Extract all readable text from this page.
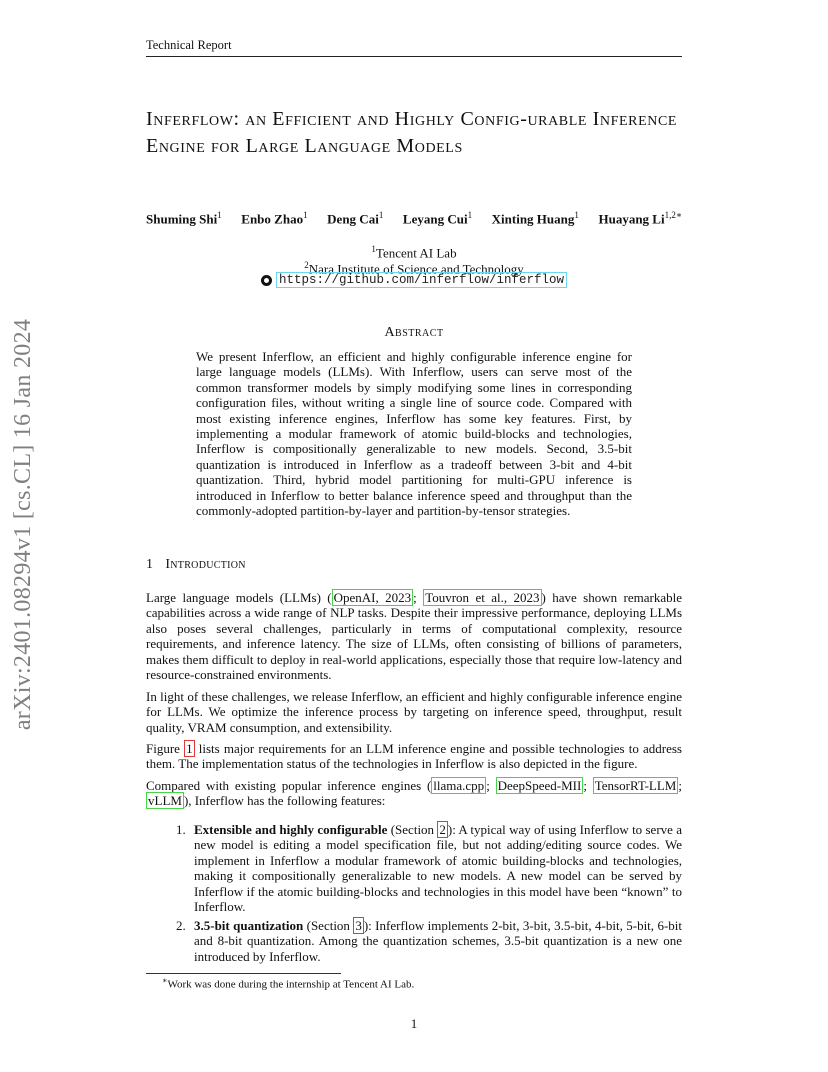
Technical Report
arXiv:2401.08294v1 [cs.CL] 16 Jan 2024
Inferflow: an Efficient and Highly Config-urable Inference Engine for Large Language Models
Shuming Shi$^1$ Enbo Zhao$^1$ Deng Cai$^1$ Leyang Cui$^1$ Xinting Huang$^1$ Huayang $Li^{1,2∗}$
$^1$Tencent AI Lab
$^2$Nara Institute of Science and Technology
https://github.com/inferflow/inferflow
Abstract
We present Inferflow, an efficient and highly configurable inference engine for large language models (LLMs). With Inferflow, users can serve most of the common transformer models by simply modifying some lines in corresponding configuration files, without writing a single line of source code. Compared with most existing inference engines, Inferflow has some key features. First, by implementing a modular framework of atomic build-blocks and technologies, Inferflow is compositionally generalizable to new models. Second, 3.5-bit quantization is introduced in Inferflow as a tradeoff between 3-bit and 4-bit quantization. Third, hybrid model partitioning for multi-GPU inference is introduced in Inferflow to better balance inference speed and throughput than the commonly-adopted partition-by-layer and partition-by-tensor strategies.
1 Introduction
Large language models (LLMs) ( OpenAI, 2023 ; Touvron et al., 2023 ) have shown remarkable capabilities across a wide range of NLP tasks. Despite their impressive performance, deploying LLMs also poses several challenges, particularly in terms of computational complexity, resource requirements, and inference latency. The size of LLMs, often consisting of billions of parameters, makes them difficult to deploy in real-world applications, especially those that require low-latency and resource-constrained environments.
In light of these challenges, we release Inferflow, an efficient and highly configurable inference engine for LLMs. We optimize the inference process by targeting on inference speed, throughput, result quality, VRAM consumption, and extensibility.
Figure 1 lists major requirements for an LLM inference engine and possible technologies to address them. The implementation status of the technologies in Inferflow is also depicted in the figure.
Compared with existing popular inference engines ( llama.cpp ; DeepSpeed-MII ; TensorRT-LLM ; vLLM ), Inferflow has the following features:
1. Extensible and highly configurable (Section 2 ): A typical way of using Inferflow to serve a new model is editing a model specification file, but not adding/editing source codes. We implement in Inferflow a modular framework of atomic building-blocks and technologies, making it compositionally generalizable to new models. A new model can be served by Inferflow if the atomic building-blocks and technologies in this model have been “known” to Inferflow.
2. 3.5-bit quantization (Section 3 ): Inferflow implements 2-bit, 3-bit, 3.5-bit, 4-bit, 5-bit, 6-bit and 8-bit quantization. Among the quantization schemes, 3.5-bit quantization is a new one introduced by Inferflow.
∗Work was done during the internship at Tencent AI Lab.
1
